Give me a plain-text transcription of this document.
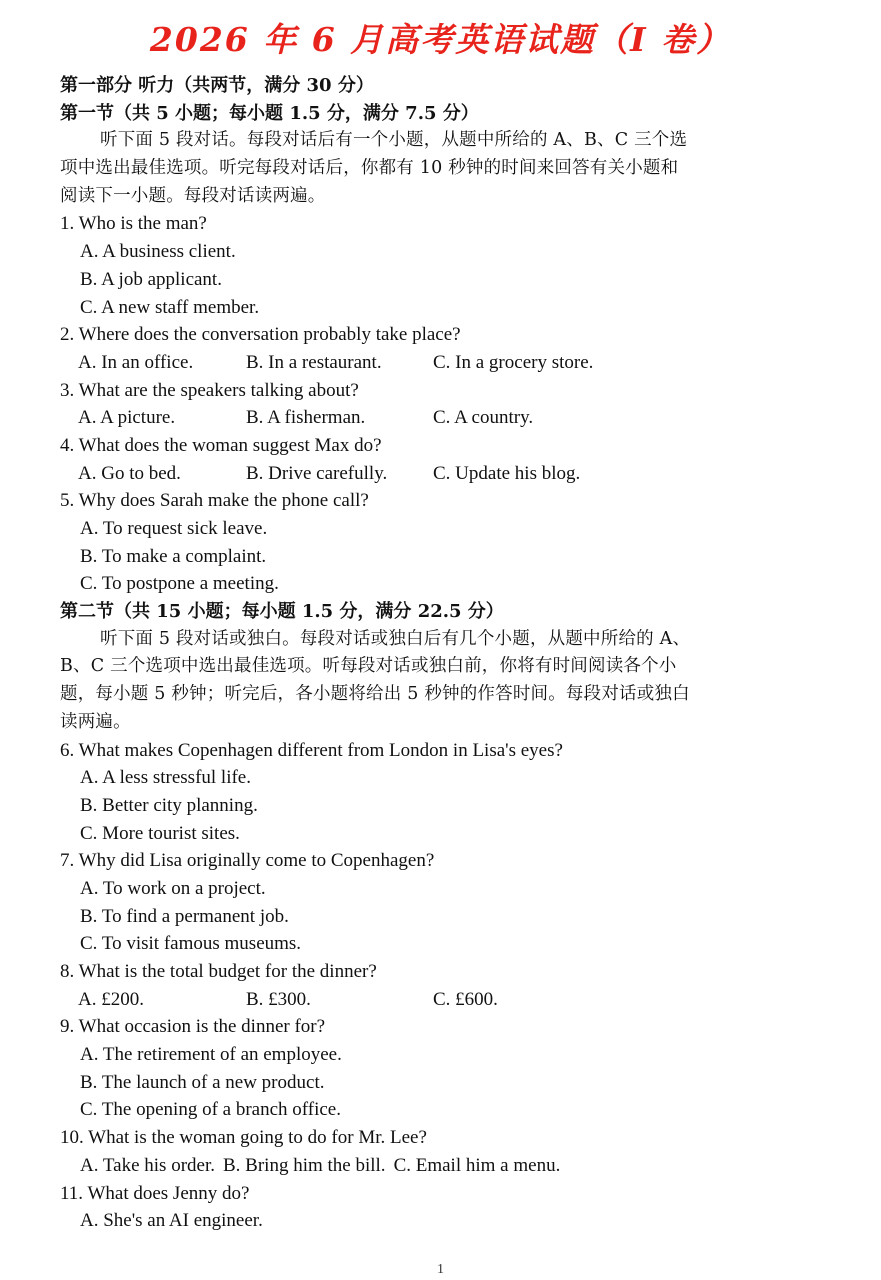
2026 年 6 月高考英语试题（I 卷）
第一部分 听力（共两节，满分 30 分）
第一节（共 5 小题；每小题 1.5 分，满分 7.5 分）
听下面 5 段对话。每段对话后有一个小题，从题中所给的 A、B、C 三个选
项中选出最佳选项。听完每段对话后，你都有 10 秒钟的时间来回答有关小题和
阅读下一小题。每段对话读两遍。
1. Who is the man?
A. A business client.
B. A job applicant.
C. A new staff member.
2. Where does the conversation probably take place?
A. In an office.	B. In a restaurant.	C. In a grocery store.
3. What are the speakers talking about?
A. A picture.	B. A fisherman.	C. A country.
4. What does the woman suggest Max do?
A. Go to bed.	B. Drive carefully. C. Update his blog.
5. Why does Sarah make the phone call?
A. To request sick leave.
B. To make a complaint.
C. To postpone a meeting.
第二节（共 15 小题；每小题 1.5 分，满分 22.5 分）
听下面 5 段对话或独白。每段对话或独白后有几个小题，从题中所给的 A、
B、C 三个选项中选出最佳选项。听每段对话或独白前，你将有时间阅读各个小
题，每小题 5 秒钟；听完后，各小题将给出 5 秒钟的作答时间。每段对话或独白
读两遍。
6. What makes Copenhagen different from London in Lisa's eyes?
A. A less stressful life.
B. Better city planning.
C. More tourist sites.
7. Why did Lisa originally come to Copenhagen?
A. To work on a project.
B. To find a permanent job.
C. To visit famous museums.
8. What is the total budget for the dinner?
A. £200.	B. £300.	C. £600.
9. What occasion is the dinner for?
A. The retirement of an employee.
B. The launch of a new product.
C. The opening of a branch office.
10. What is the woman going to do for Mr. Lee?
A. Take his order. B. Bring him the bill. C. Email him a menu.
11. What does Jenny do?
A. She's an AI engineer.
1
